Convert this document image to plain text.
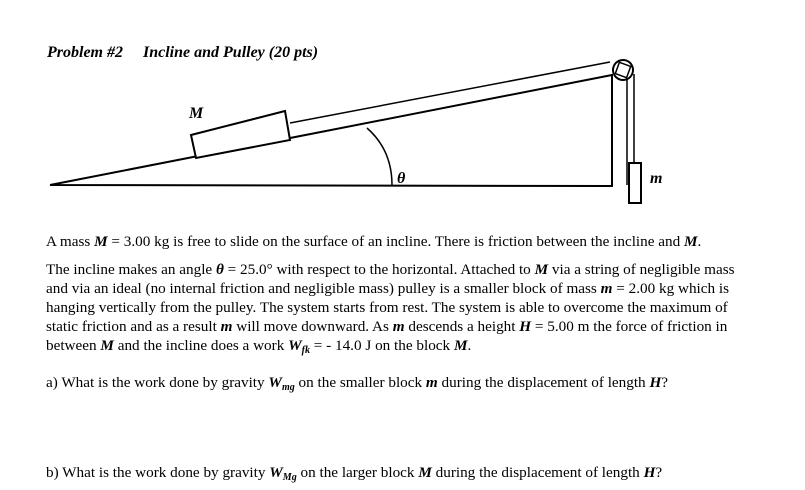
Problem #2 Incline and Pulley (20 pts)
M
θ	m

A mass M = 3.00 kg is free to slide on the surface of an incline. There is friction between the incline and M.

The incline makes an angle θ = 25.0° with respect to the horizontal. Attached to M via a string of negligible mass and via an ideal (no internal friction and negligible mass) pulley is a smaller block of mass m = 2.00 kg which is hanging vertically from the pulley. The system starts from rest. The system is able to overcome the maximum of static friction and as a result m will move downward. As m descends a height H = 5.00 m the force of friction in between M and the incline does a work $W_{fk}$ = - 14.0 J on the block M.

a) What is the work done by gravity $W_{mg}$ on the smaller block m during the displacement of length H?
b) What is the work done by gravity $W_{Mg}$ on the larger block M during the displacement of length H?
